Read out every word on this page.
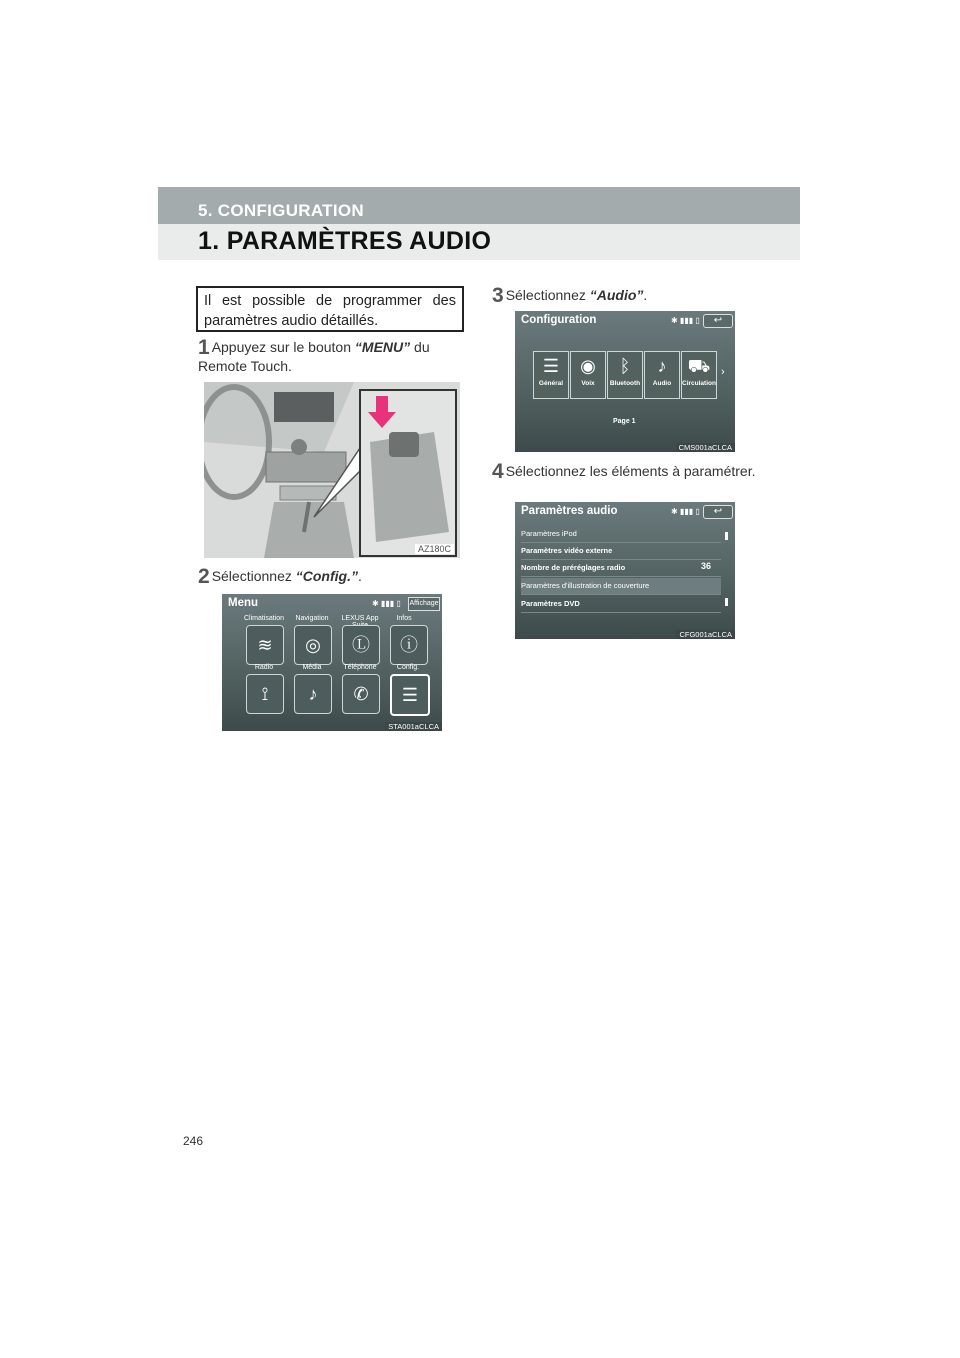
5. CONFIGURATION
1. PARAMÈTRES AUDIO
Il est possible de programmer des paramètres audio détaillés.
1 Appuyez sur le bouton “MENU” du Remote Touch.
AZ180C
2 Sélectionnez “Config.”.
Menu	✱ ▮▮▮ ▯ Affichage
Climatisation	Navigation	LEXUS App	Infos
≋	◎	Ⓛ	ⓘ
Radio	Média	Téléphone	Config.
⟟	♪	✆	☰
STA001aCLCA
3 Sélectionnez “Audio”.
Configuration	✱ ▮▮▮ ▯	↩
☰
Général
◉
Voix
ᛒ
Bluetooth
♪
Audio
⛟
Circulation
›
Page 1
CMS001aCLCA
4 Sélectionnez les éléments à paramétrer.
Paramètres audio	✱ ▮▮▮ ▯	↩
Paramètres iPod
Paramètres vidéo externe
Nombre de préréglages radio	36
Paramètres d'illustration de couverture
Paramètres DVD
CFG001aCLCA
246
